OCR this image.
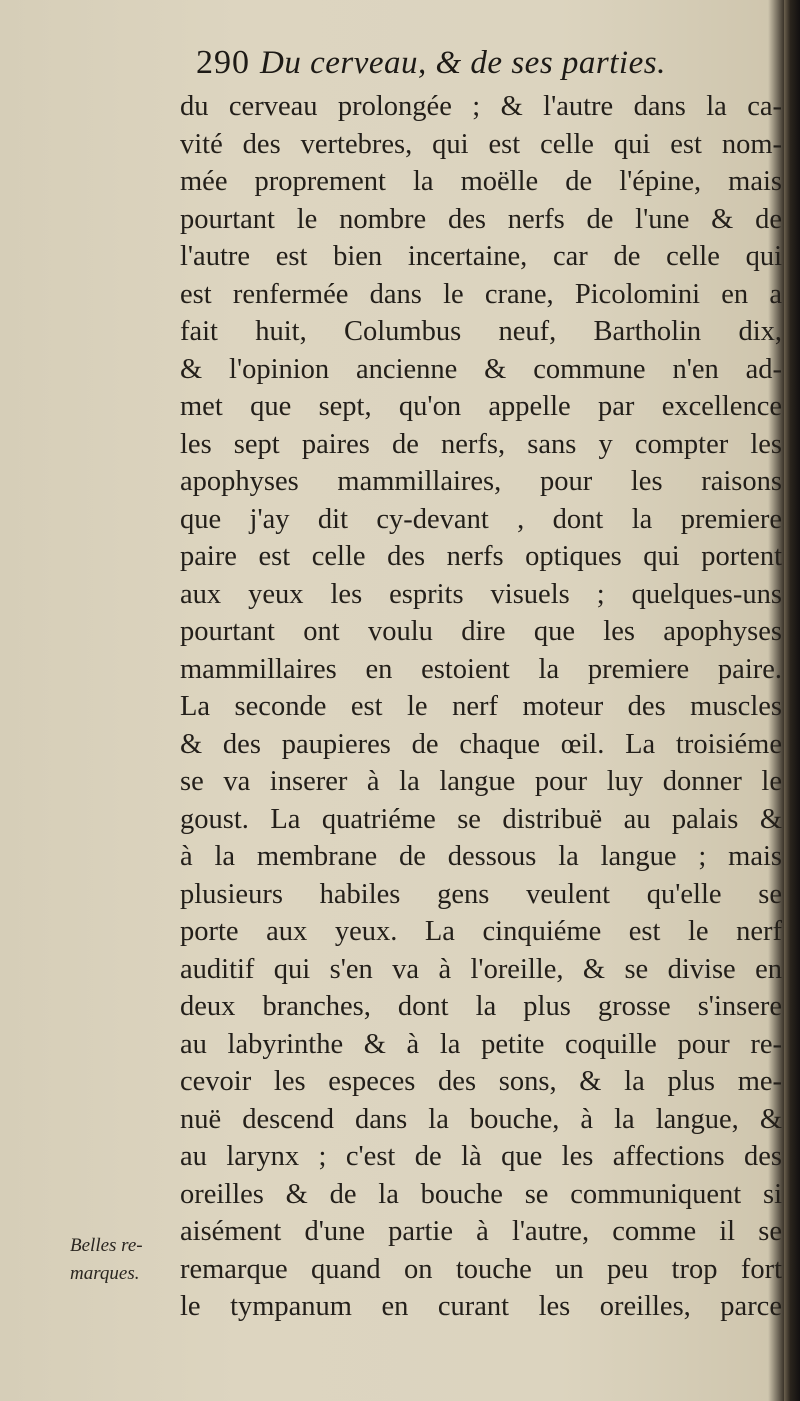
290 Du cerveau, & de ses parties.
du cerveau prolongée ; & l'autre dans la ca-
vité des vertebres, qui est celle qui est nom-
mée proprement la moëlle de l'épine, mais
pourtant le nombre des nerfs de l'une & de
l'autre est bien incertaine, car de celle qui
est renfermée dans le crane, Picolomini en a
fait huit, Columbus neuf, Bartholin dix,
& l'opinion ancienne & commune n'en ad-
met que sept, qu'on appelle par excellence
les sept paires de nerfs, sans y compter les
apophyses mammillaires, pour les raisons
que j'ay dit cy-devant , dont la premiere
paire est celle des nerfs optiques qui portent
aux yeux les esprits visuels ; quelques-uns
pourtant ont voulu dire que les apophyses
mammillaires en estoient la premiere paire.
La seconde est le nerf moteur des muscles
& des paupieres de chaque œil. La troisiéme
se va inserer à la langue pour luy donner le
goust. La quatriéme se distribuë au palais &
à la membrane de dessous la langue ; mais
plusieurs habiles gens veulent qu'elle se
porte aux yeux. La cinquiéme est le nerf
auditif qui s'en va à l'oreille, & se divise en
deux branches, dont la plus grosse s'insere
au labyrinthe & à la petite coquille pour re-
cevoir les especes des sons, & la plus me-
nuë descend dans la bouche, à la langue, &
au larynx ; c'est de là que les affections des
oreilles & de la bouche se communiquent si
aisément d'une partie à l'autre, comme il se
remarque quand on touche un peu trop fort
le tympanum en curant les oreilles, parce
Belles re-
marques.
